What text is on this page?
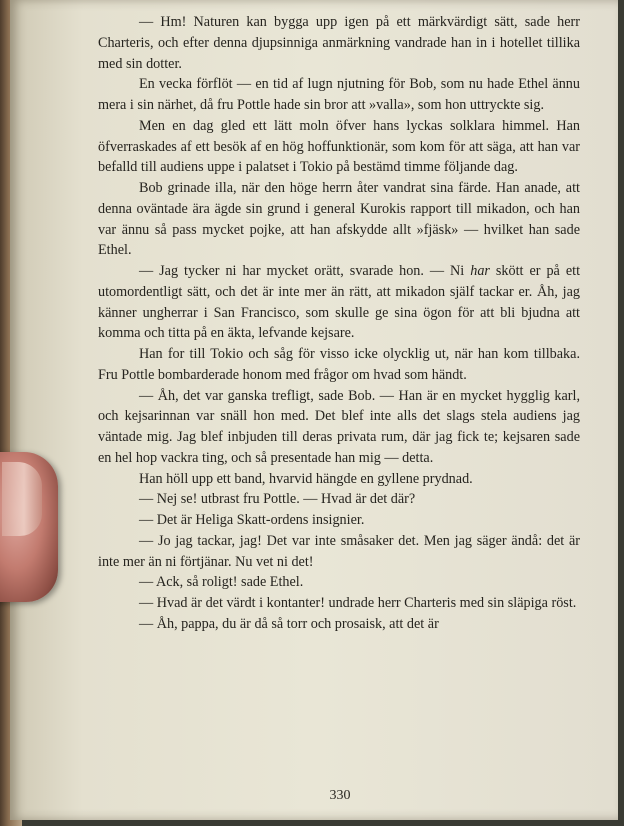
— Hm! Naturen kan bygga upp igen på ett märkvärdigt sätt, sade herr Charteris, och efter denna djupsinniga anmärkning vandrade han in i hotellet tillika med sin dotter.

En vecka förflöt — en tid af lugn njutning för Bob, som nu hade Ethel ännu mera i sin närhet, då fru Pottle hade sin bror att »valla», som hon uttryckte sig.

Men en dag gled ett lätt moln öfver hans lyckas solklara himmel. Han öfverraskades af ett besök af en hög hoffunktionär, som kom för att säga, att han var befalld till audiens uppe i palatset i Tokio på bestämd timme följande dag.

Bob grinade illa, när den höge herrn åter vandrat sina färde. Han anade, att denna oväntade ära ägde sin grund i general Kurokis rapport till mikadon, och han var ännu så pass mycket pojke, att han afskydde allt »fjäsk» — hvilket han sade Ethel.

— Jag tycker ni har mycket orätt, svarade hon. — Ni har skött er på ett utomordentligt sätt, och det är inte mer än rätt, att mikadon själf tackar er. Åh, jag känner ungherrar i San Francisco, som skulle ge sina ögon för att bli bjudna att komma och titta på en äkta, lefvande kejsare.

Han for till Tokio och såg för visso icke olycklig ut, när han kom tillbaka. Fru Pottle bombarderade honom med frågor om hvad som händt.

— Åh, det var ganska trefligt, sade Bob. — Han är en mycket hygglig karl, och kejsarinnan var snäll hon med. Det blef inte alls det slags stela audiens jag väntade mig. Jag blef inbjuden till deras privata rum, där jag fick te; kejsaren sade en hel hop vackra ting, och så presentade han mig — detta.

Han höll upp ett band, hvarvid hängde en gyllene prydnad.

— Nej se! utbrast fru Pottle. — Hvad är det där?

— Det är Heliga Skatt-ordens insignier.

— Jo jag tackar, jag! Det var inte småsaker det. Men jag säger ändå: det är inte mer än ni förtjänar. Nu vet ni det!

— Ack, så roligt! sade Ethel.

— Hvad är det värdt i kontanter! undrade herr Charteris med sin släpiga röst.

— Åh, pappa, du är då så torr och prosaisk, att det är

330
